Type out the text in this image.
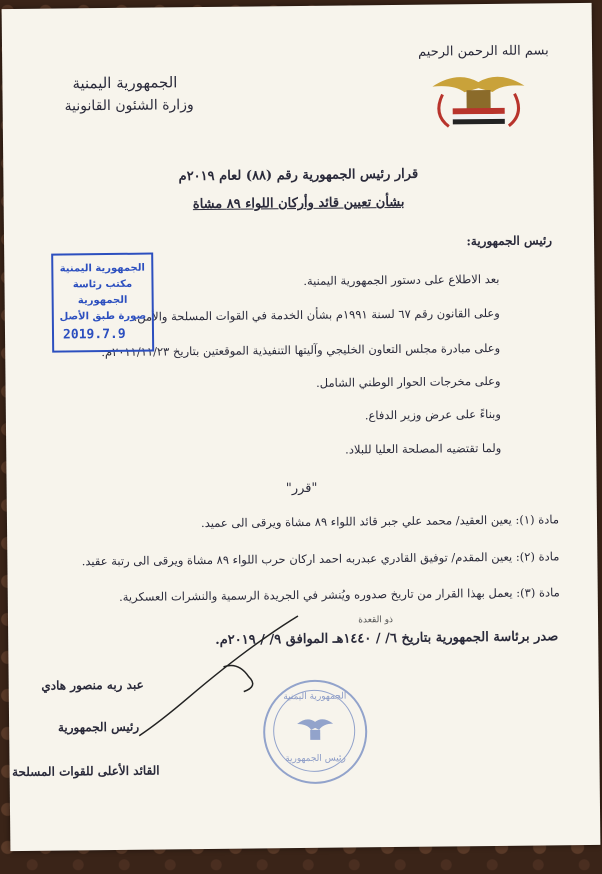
بسم الله الرحمن الرحيم
الجمهورية اليمنية
وزارة الشئون القانونية
قرار رئيس الجمهورية رقم (٨٨) لعام ٢٠١٩م
بشأن تعيين قائد وأركان اللواء ٨٩ مشاة
رئيس الجمهورية:
بعد الاطلاع على دستور الجمهورية اليمنية.
وعلى القانون رقم ٦٧ لسنة ١٩٩١م بشأن الخدمة في القوات المسلحة والأمن.
وعلى مبادرة مجلس التعاون الخليجي وآليتها التنفيذية الموقعتين بتاريخ ٢٠١١/١١/٢٣م.
وعلى مخرجات الحوار الوطني الشامل.
وبناءً على عرض وزير الدفاع.
ولما تقتضيه المصلحة العليا للبلاد.
"قرر"
مادة (١): يعين العقيد/ محمد علي جبر قائد اللواء ٨٩ مشاة ويرقى الى عميد.
مادة (٢): يعين المقدم/ توفيق القادري عبدربه احمد اركان حرب اللواء ٨٩ مشاة ويرقى الى رتبة عقيد.
مادة (٣): يعمل بهذا القرار من تاريخ صدوره ويُنشر في الجريدة الرسمية والنشرات العسكرية.
ذو القعدة
صدر برئاسة الجمهورية بتاريخ ٦/ / ١٤٤٠هـ الموافق ٩/ / ٢٠١٩م.
عبد ربه منصور هادي
رئيس الجمهورية
القائد الأعلى للقوات المسلحة
الجمهورية اليمنية
مكتب رئاسة الجمهورية
صورة طبق الأصل
2019.7.9
الجمهورية اليمنية
رئيس الجمهورية
